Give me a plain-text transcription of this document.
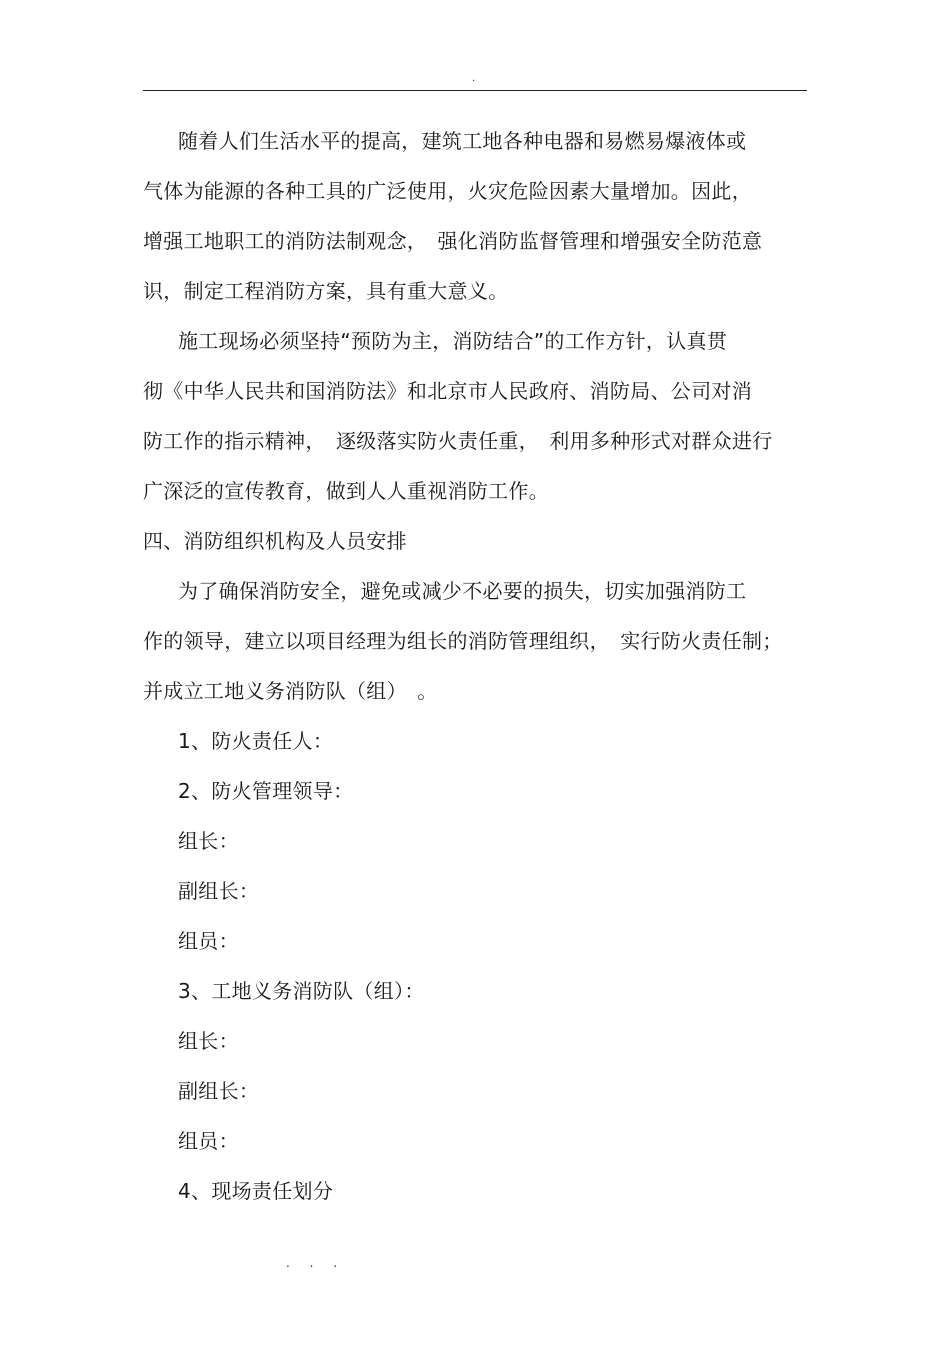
.
随着人们生活水平的提高，建筑工地各种电器和易燃易爆液体或
气体为能源的各种工具的广泛使用，火灾危险因素大量增加。因此，
增强工地职工的消防法制观念，　强化消防监督管理和增强安全防范意
识，制定工程消防方案，具有重大意义。
施工现场必须坚持“预防为主，消防结合”的工作方针，认真贯
彻《中华人民共和国消防法》和北京市人民政府、消防局、公司对消
防工作的指示精神，　逐级落实防火责任重，　利用多种形式对群众进行
广深泛的宣传教育，做到人人重视消防工作。
四、消防组织机构及人员安排
为了确保消防安全，避免或减少不必要的损失，切实加强消防工
作的领导，建立以项目经理为组长的消防管理组织，　实行防火责任制；
并成立工地义务消防队（组）　。
1、防火责任人：
2、防火管理领导：
组长：
副组长：
组员：
3、工地义务消防队（组）：
组长：
副组长：
组员：
4、现场责任划分
. . .
